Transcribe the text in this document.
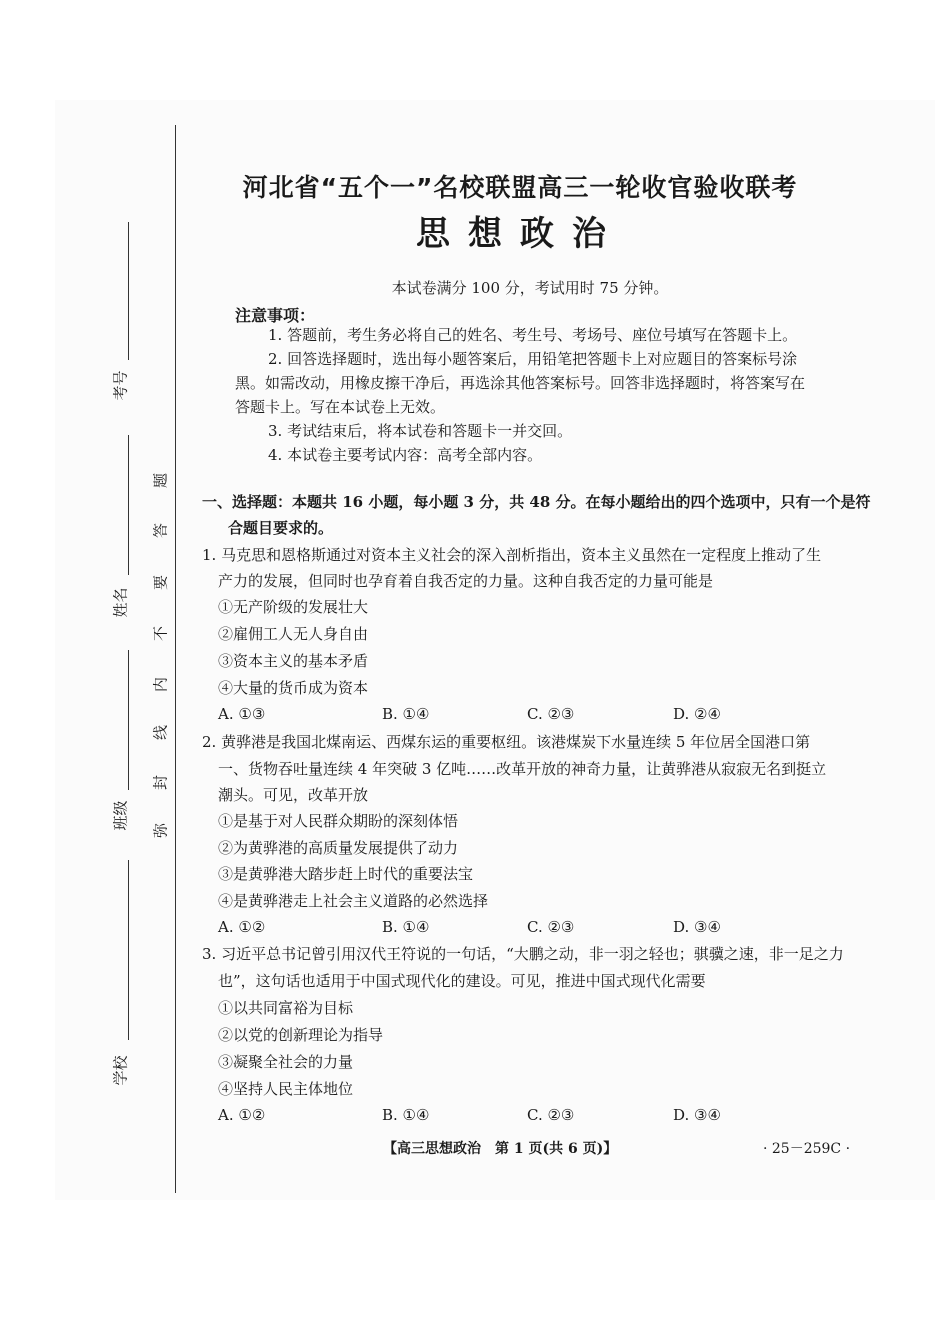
考号
姓名
班级
学校
题
答
要
不
内
线
封
弥
河北省“五个一”名校联盟高三一轮收官验收联考
思想政治
本试卷满分 100 分，考试用时 75 分钟。
注意事项：
1. 答题前，考生务必将自己的姓名、考生号、考场号、座位号填写在答题卡上。
2. 回答选择题时，选出每小题答案后，用铅笔把答题卡上对应题目的答案标号涂
黑。如需改动，用橡皮擦干净后，再选涂其他答案标号。回答非选择题时，将答案写在
答题卡上。写在本试卷上无效。
3. 考试结束后，将本试卷和答题卡一并交回。
4. 本试卷主要考试内容：高考全部内容。
一、选择题：本题共 16 小题，每小题 3 分，共 48 分。在每小题给出的四个选项中，只有一个是符
合题目要求的。
1. 马克思和恩格斯通过对资本主义社会的深入剖析指出，资本主义虽然在一定程度上推动了生
产力的发展，但同时也孕育着自我否定的力量。这种自我否定的力量可能是
①无产阶级的发展壮大
②雇佣工人无人身自由
③资本主义的基本矛盾
④大量的货币成为资本
A. ①③	B. ①④	C. ②③	D. ②④
2. 黄骅港是我国北煤南运、西煤东运的重要枢纽。该港煤炭下水量连续 5 年位居全国港口第
一、货物吞吐量连续 4 年突破 3 亿吨……改革开放的神奇力量，让黄骅港从寂寂无名到挺立
潮头。可见，改革开放
①是基于对人民群众期盼的深刻体悟
②为黄骅港的高质量发展提供了动力
③是黄骅港大踏步赶上时代的重要法宝
④是黄骅港走上社会主义道路的必然选择
A. ①②	B. ①④	C. ②③	D. ③④
3. 习近平总书记曾引用汉代王符说的一句话，“大鹏之动，非一羽之轻也；骐骥之速，非一足之力
也”，这句话也适用于中国式现代化的建设。可见，推进中国式现代化需要
①以共同富裕为目标
②以党的创新理论为指导
③凝聚全社会的力量
④坚持人民主体地位
A. ①②	B. ①④	C. ②③	D. ③④
【高三思想政治　第 1 页(共 6 页)】	· 25－259C ·
